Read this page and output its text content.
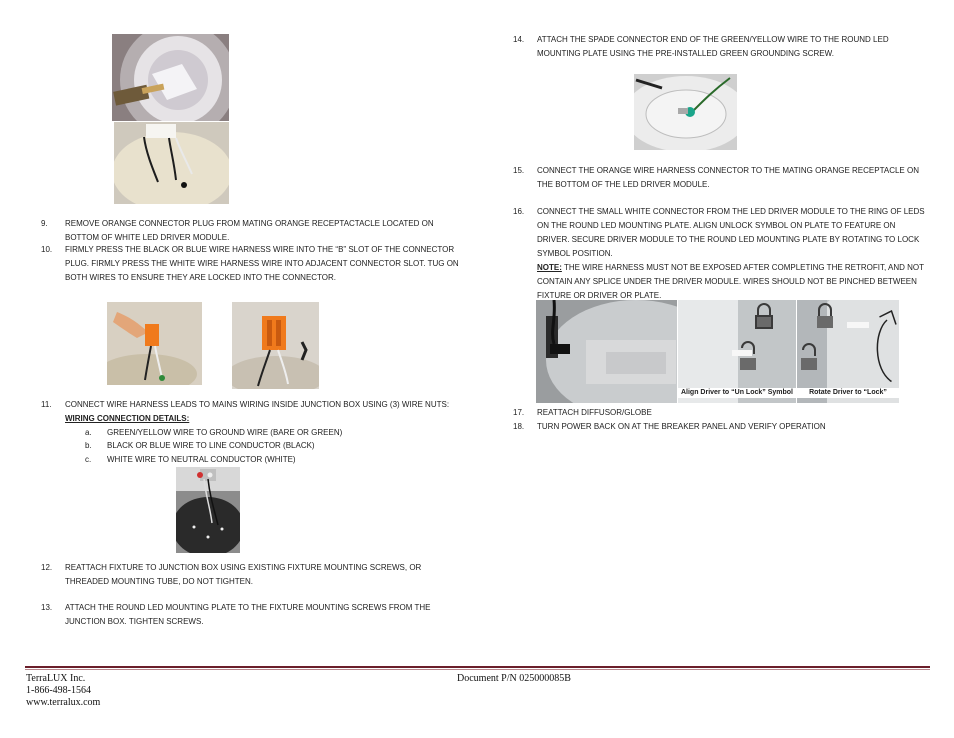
9.	REMOVE ORANGE CONNECTOR PLUG FROM MATING ORANGE RECEPTACTACLE LOCATED ON
BOTTOM OF WHITE LED DRIVER MODULE.
10.	FIRMLY PRESS THE BLACK OR BLUE WIRE HARNESS WIRE INTO THE “B” SLOT OF THE CONNECTOR
PLUG. FIRMLY PRESS THE WHITE WIRE HARNESS WIRE INTO ADJACENT CONNECTOR SLOT. TUG ON
BOTH WIRES TO ENSURE THEY ARE LOCKED INTO THE CONNECTOR.
11.	CONNECT WIRE HARNESS LEADS TO MAINS WIRING INSIDE JUNCTION BOX USING (3) WIRE NUTS:
WIRING CONNECTION DETAILS:
a. GREEN/YELLOW WIRE TO GROUND WIRE (BARE OR GREEN)
b. BLACK OR BLUE WIRE TO LINE CONDUCTOR (BLACK)
c. WHITE WIRE TO NEUTRAL CONDUCTOR (WHITE)
12.	REATTACH FIXTURE TO JUNCTION BOX USING EXISTING FIXTURE MOUNTING SCREWS, OR
THREADED MOUNTING TUBE, DO NOT TIGHTEN.
13.	ATTACH THE ROUND LED MOUNTING PLATE TO THE FIXTURE MOUNTING SCREWS FROM THE
JUNCTION BOX. TIGHTEN SCREWS.
14.	ATTACH THE SPADE CONNECTOR END OF THE GREEN/YELLOW WIRE TO THE ROUND LED
MOUNTING PLATE USING THE PRE-INSTALLED GREEN GROUNDING SCREW.
15.	CONNECT THE ORANGE WIRE HARNESS CONNECTOR TO THE MATING ORANGE RECEPTACLE ON
THE BOTTOM OF THE LED DRIVER MODULE.
16.	CONNECT THE SMALL WHITE CONNECTOR FROM THE LED DRIVER MODULE TO THE RING OF LEDS
ON THE ROUND LED MOUNTING PLATE. ALIGN UNLOCK SYMBOL ON PLATE TO FEATURE ON
DRIVER. SECURE DRIVER MODULE TO THE ROUND LED MOUNTING PLATE BY ROTATING TO LOCK
SYMBOL POSITION.
NOTE: THE WIRE HARNESS MUST NOT BE EXPOSED AFTER COMPLETING THE RETROFIT, AND NOT
CONTAIN ANY SPLICE UNDER THE DRIVER MODULE. WIRES SHOULD NOT BE PINCHED BETWEEN
FIXTURE OR DRIVER OR PLATE.
Align Driver to “Un Lock” Symbol	Rotate Driver to “Lock”
17.	REATTACH DIFFUSOR/GLOBE
18.	TURN POWER BACK ON AT THE BREAKER PANEL AND VERIFY OPERATION
TerraLUX Inc.
1-866-498-1564
www.terralux.com
Document P/N 025000085B
